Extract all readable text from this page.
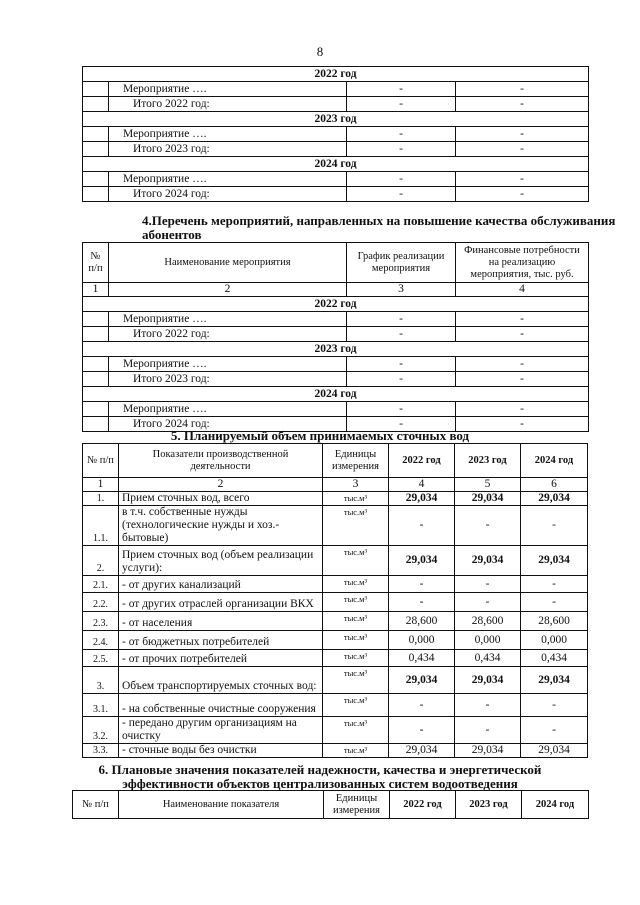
8
2022 год			
	Мероприятие ….	-	-
	Итого 2022 год:	-	-
2023 год			
	Мероприятие ….	-	-
	Итого 2023 год:	-	-
2024 год			
	Мероприятие ….	-	-
	Итого 2024 год:	-	-
4.Перечень мероприятий, направленных на повышение качества обслуживания
абонентов
№ п/п	Наименование мероприятия	График реализации мероприятия	Финансовые потребности на реализацию мероприятия, тыс. руб.
1	2	3	4
2022 год			
	Мероприятие ….	-	-
	Итого 2022 год:	-	-
2023 год			
	Мероприятие ….	-	-
	Итого 2023 год:	-	-
2024 год			
	Мероприятие ….	-	-
	Итого 2024 год:	-	-
5. Планируемый объем принимаемых сточных вод
№ п/п	Показатели производственной деятельности	Единицы измерения	2022 год	2023 год	2024 год
1	2	3	4	5	6
1.	Прием сточных вод, всего	тыс.м³	29,034	29,034	29,034
1.1.	в т.ч. собственные нужды (технологические нужды и хоз.-бытовые)	тыс.м³	-	-	-
2.	Прием сточных вод (объем реализации услуги):	тыс.м³	29,034	29,034	29,034
2.1.	- от других канализаций	тыс.м³	-	-	-
2.2.	- от других отраслей организации ВКХ	тыс.м³	-	-	-
2.3.	- от населения	тыс.м³	28,600	28,600	28,600
2.4.	- от бюджетных потребителей	тыс.м³	0,000	0,000	0,000
2.5.	- от прочих потребителей	тыс.м³	0,434	0,434	0,434
3.	Объем транспортируемых сточных вод:	тыс.м³	29,034	29,034	29,034
3.1.	- на собственные очистные сооружения	тыс.м³	-	-	-
3.2.	- передано другим организациям на очистку	тыс.м³	-	-	-
3.3.	- сточные воды без очистки	тыс.м³	29,034	29,034	29,034
6. Плановые значения показателей надежности, качества и энергетической
эффективности объектов централизованных систем водоотведения
№ п/п	Наименование показателя	Единицы измерения	2022 год	2023 год	2024 год
